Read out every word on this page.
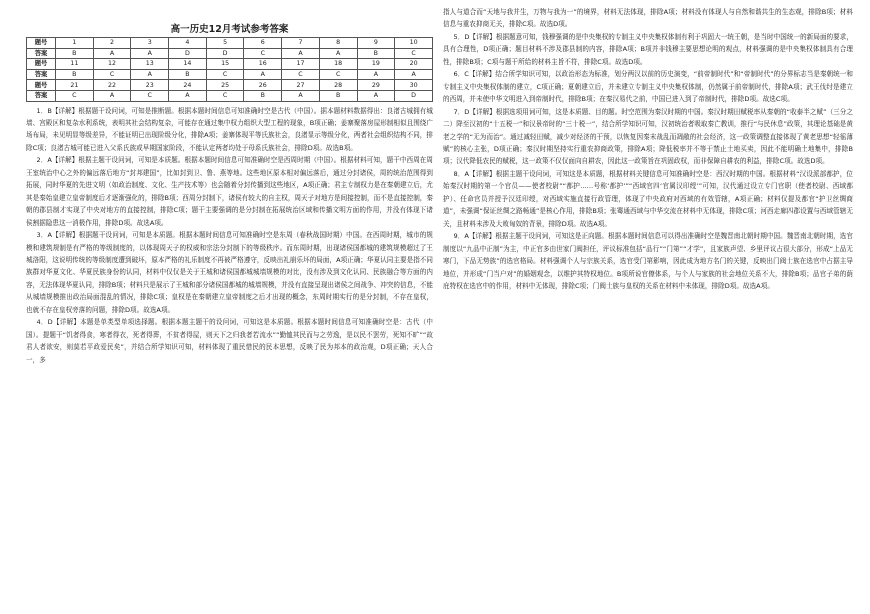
高一历史12月考试参考答案
题号	1	2	3	4	5	6	7	8	9	10
答案	B	A	A	D	D	C	A	A	B	C
题号	11	12	13	14	15	16	17	18	19	20
答案	B	C	A	B	C	A	C	C	A	A
题号	21	22	23	24	25	26	27	28	29	30
答案	C	A	C	A	C	B	A	B	A	D

1．B【详解】根据题干设问词，可知是推断题。根据本题时间信息可知准确时空是古代（中国）。据本题材料数据得出：良渚古城拥有城墙、宫殿区和复杂水利系统，表明其社会结构复杂，可能存在通过集中权力组织大型工程的现象，B项正确；姜寨聚落房屋形制相似且围绕广场布局，未见明显等级差异，不能证明已出现阶级分化，排除A项；姜寨体现平等氏族社会，良渚显示等级分化，两者社会组织结构不同，排除C项；良渚古城可能已进入父系氏族或早期国家阶段，不能认定两者均处于母系氏族社会，排除D项。故选B项。

2．A【详解】根据主题干设问词，可知是本质题。根据本题时间信息可知准确时空是西周时期（中国）。根据材料可知，题干中西周在周王室统治中心之外的偏远落后地方“封邦建国”，比如封到卫、鲁、燕等地。这些地区原本相对偏远落后，通过分封诸侯，周的统治范围得到拓展，同时华夏的先进文明（如政治制度、文化、生产技术等）也会随着分封传播到这些地区，A项正确；君主专制权力是在秦朝建立后，尤其是秦始皇建立皇帝制度后才逐渐强化的，排除B项；西周分封制下，诸侯有较大的自主权，周天子对地方是间接控制，而不是直接控制，秦朝的郡县制才实现了中央对地方的直接控制，排除C项；题干主要强调的是分封制在拓展统治区域和传播文明方面的作用，并没有体现下诸侯割据隐患这一消极作用，排除D项。故选A项。

3．A【详解】根据题干设问词，可知是本质题。根据本题时间信息可知准确时空是东周（春秋战国时期）中国。在西周时期，城市的规模和建筑规制是有严格的等级制度的，以体现周天子的权威和宗法分封制下的等级秩序。而东周时期，出现诸侯国都城的建筑规模超过了王城洛阳，这说明传统的等级制度遭到破坏，原本严格的礼乐制度不再被严格遵守，反映出礼崩乐坏的局面，A项正确；华夏认同主要是指不同族群对华夏文化、华夏民族身份的认同，材料中仅仅是关于王城和诸侯国都城城墙规模的对比，没有涉及到文化认同、民族融合等方面的内容，无法体现华夏认同，排除B项；材料只是展示了王城和部分诸侯国都城的城墙规模，并没有直接呈现出诸侯之间战争、冲突的信息，不能从城墙规模推出政治局面混乱的情况，排除C项；皇权是在秦朝建立皇帝制度之后才出现的概念，东周时期实行的是分封制，不存在皇权，也就不存在皇权旁落的问题，排除D项。故选A项。

4．D【详解】本题是单类型单项选择题。根据本题主题干的设问词，可知这是本质题。根据本题时间信息可知准确时空是：古代（中国）。提题干“饥者得食，寒者得衣，死者得葬，不贫者得屋，则天下之归我者若流水”“勤恤其民而与之劳逸，是以民不罢劳，死知不旷”“故君人者欲安，则莫若平政爱民矣”，并结合所学知识可知，材料体现了重民惜民的民本思想，反映了民为邦本的政治观，D项正确；天人合一，多

指人与道合而“天地与我并生，万物与我为一”的境界，材料无法体现，排除A项；材料没有体现人与自然和谐共生的生态观，排除B项；材料信息与重农抑商无关，排除C项。故选D项。

5．D【详解】根据题意可知，钱穆强调的是中央集权的专制主义中央集权体制有利于巩固大一统王朝，是当时中国统一的新局面的要求，具有合理性，D项正确；题目材料不涉及郡县制的内容，排除A项；B项并非钱穆主要思想论明的观点，材料强调的是中央集权体制具有合理性，排除B项；C项与题干所给的材料主旨不符，排除C项。故选D项。

6．C【详解】结合所学知识可知，以政治形态为标准，划分两汉以前的历史演变，“前帝制时代”和“帝制时代”的分界标志当是秦朝统一和专制主义中央集权体制的建立，C项正确；夏朝建立后，并未建立专制主义中央集权体制，仍然属于前帝制时代，排除A项；武王伐纣是建立的西周，并未使中华文明进入到帝制时代，排除B项；在秦汉易代之前，中国已进入到了帝制时代，排除D项。故选C项。

7．D【详解】根据选项用词可知，这是本质题、目的题。时空范围为秦汉时期的中国。秦汉时期田赋税率从秦朝的“收泰半之赋”（三分之二）降至汉初的“十五税一”和汉景帝时的“三十税一”，结合所学知识可知，汉初统治者吸取秦亡教训，推行“与民休息”政策，其理论基础是黄老之学的“无为而治”。通过减轻田赋，减少对经济的干预，以恢复因秦末战乱而凋敝的社会经济，这一政策调整直接体现了黄老思想“轻徭薄赋”的核心主张，D项正确；秦汉时期坚持实行重农抑商政策，排除A项；降低税率并不等于禁止土地买卖，因此不能明确土地集中，排除B项；汉代降低农民的赋税，这一政策不仅仅面向自耕农，因此这一政策旨在巩固政权，而非保障自耕农的利益，排除C项。故选D项。

8．A【详解】根据主题干设问词，可知这是本质题，根据材料关键信息可知准确时空是：西汉时期的中国。根据材料“汉设派部都护，位始秦汉时期的第一个官员——使者校尉”“都护……号称‘都护’”“西域官四‘官属汉印绶’”可知，汉代通过设立专门官职（使者校尉、西域都护）、任命官员并授予汉廷印绶，对西域实施直接行政管理，体现了中央政府对西域的有效管辖，A项正确；材料仅提及都官“护卫丝绸商道”，未强调“保证丝绸之路畅通”是核心作用，排除B项；张骞通西域与中华交流在材料中无体现，排除C项；河西走廊四郡设置与西域管辖无关，且材料未涉及大败匈奴的背景，排除D项。故选A项。

9．A【详解】根据主题干设问词，可知这是正向题。根据本题时间信息可以得出准确时空是魏晋南北朝时期中国。魏晋南北朝时期，选官制度以“九品中正制”为主，中正官多由世家门阀担任，评议标准包括“品行”“门第”“才学”，且家族声望、乡里评议占很大部分，形成“上品无寒门，下品无势族”的选官格局。材料强调个人与宗族关系，选官受门第影响，因此成为地方名门的关键，反映出门阀士族在选官中占据主导地位，并形成“门当户对”的婚姻观念，以维护其特权地位。B项所说官僚体系，与个人与家族的社会地位关系不大，排除B项；品官子弟的荫庇特权在选官中的作用，材料中无体现，排除C项；门阀士族与皇权的关系在材料中未体现，排除D项。故选A项。
